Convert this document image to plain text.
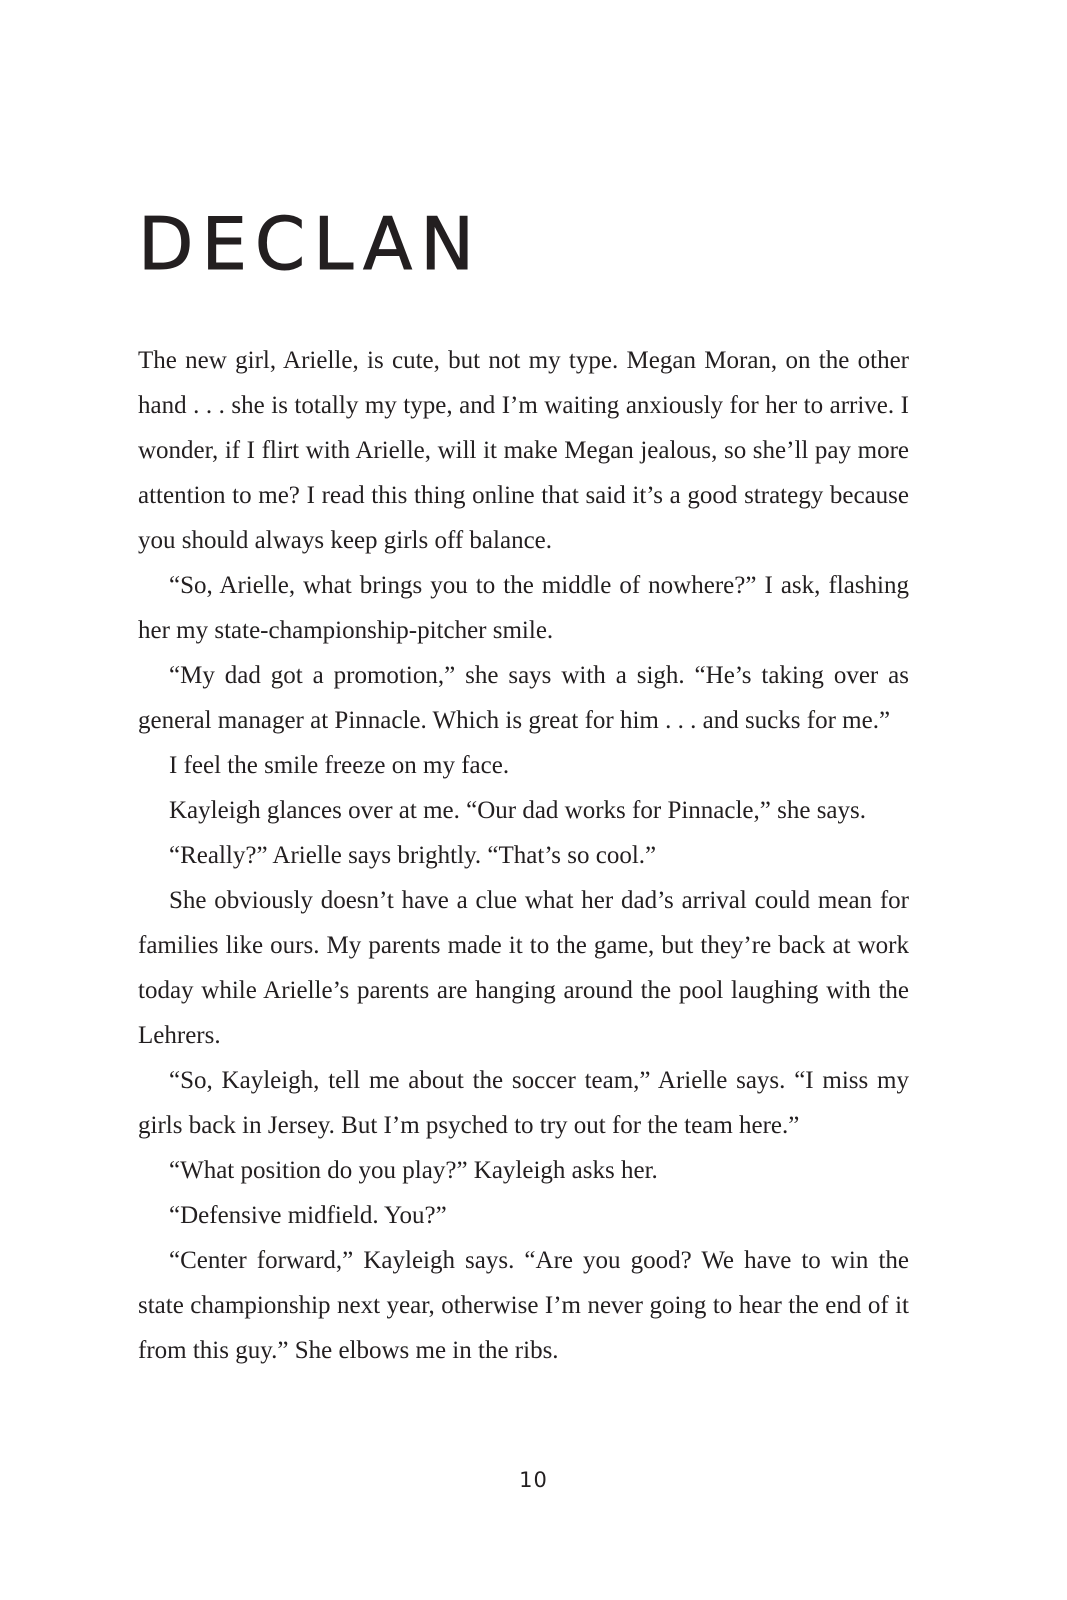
DECLAN

The new girl, Arielle, is cute, but not my type. Megan Moran, on the other hand . . . she is totally my type, and I’m waiting anxiously for her to arrive. I wonder, if I flirt with Arielle, will it make Megan jealous, so she’ll pay more attention to me? I read this thing online that said it’s a good strategy because you should always keep girls off balance.

“So, Arielle, what brings you to the middle of nowhere?” I ask, flashing her my state-championship-pitcher smile.

“My dad got a promotion,” she says with a sigh. “He’s taking over as general manager at Pinnacle. Which is great for him . . . and sucks for me.”

I feel the smile freeze on my face.

Kayleigh glances over at me. “Our dad works for Pinnacle,” she says.

“Really?” Arielle says brightly. “That’s so cool.”

She obviously doesn’t have a clue what her dad’s arrival could mean for families like ours. My parents made it to the game, but they’re back at work today while Arielle’s parents are hanging around the pool laughing with the Lehrers.

“So, Kayleigh, tell me about the soccer team,” Arielle says. “I miss my girls back in Jersey. But I’m psyched to try out for the team here.”

“What position do you play?” Kayleigh asks her.

“Defensive midfield. You?”

“Center forward,” Kayleigh says. “Are you good? We have to win the state championship next year, otherwise I’m never going to hear the end of it from this guy.” She elbows me in the ribs.

10
